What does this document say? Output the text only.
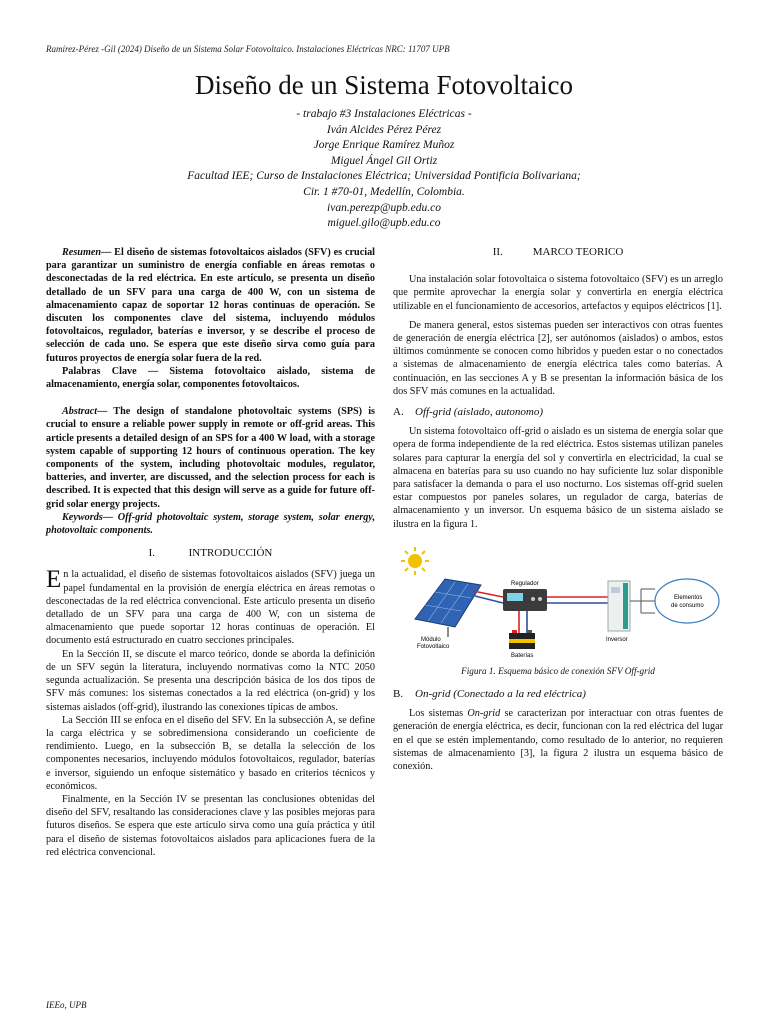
Ramírez-Pérez -Gil (2024) Diseño de un Sistema Solar Fotovoltaico. Instalaciones Eléctricas NRC: 11707 UPB
Diseño de un Sistema Fotovoltaico
- trabajo #3 Instalaciones Eléctricas -
Iván Alcides Pérez Pérez
Jorge Enrique Ramírez Muñoz
Miguel Ángel Gil Ortiz
Facultad IEE; Curso de Instalaciones Eléctrica; Universidad Pontificia Bolivariana;
Cir. 1 #70-01, Medellín, Colombia.
ivan.perezp@upb.edu.co
miguel.gilo@upb.edu.co

Resumen— El diseño de sistemas fotovoltaicos aislados (SFV) es crucial para garantizar un suministro de energía confiable en áreas remotas o desconectadas de la red eléctrica. En este artículo, se presenta un diseño detallado de un SFV para una carga de 400 W, con un sistema de almacenamiento capaz de soportar 12 horas continuas de operación. Se discuten los componentes clave del sistema, incluyendo módulos fotovoltaicos, regulador, baterías e inversor, y se describe el proceso de selección de cada uno. Se espera que este diseño sirva como guía para futuros proyectos de energía solar fuera de la red.

Palabras Clave — Sistema fotovoltaico aislado, sistema de almacenamiento, energía solar, componentes fotovoltaicos.

Abstract— The design of standalone photovoltaic systems (SPS) is crucial to ensure a reliable power supply in remote or off-grid areas. This article presents a detailed design of an SPS for a 400 W load, with a storage system capable of supporting 12 hours of continuous operation. The key components of the system, including photovoltaic modules, regulator, batteries, and inverter, are discussed, and the selection process for each is described. It is expected that this design will serve as a guide for future off-grid solar energy projects.

Keywords— Off-grid photovoltaic system, storage system, solar energy, photovoltaic components.

I.	INTRODUCCIÓN

En la actualidad, el diseño de sistemas fotovoltaicos aislados (SFV) juega un papel fundamental en la provisión de energía eléctrica en áreas remotas o desconectadas de la red eléctrica convencional. Este artículo presenta un diseño detallado de un SFV para una carga de 400 W, con un sistema de almacenamiento que puede soportar 12 horas continuas de operación. El documento está estructurado en cuatro secciones principales.

En la Sección II, se discute el marco teórico, donde se aborda la definición de un SFV según la literatura, incluyendo normativas como la NTC 2050 segunda actualización. Se presenta una descripción básica de los dos tipos de SFV más comunes: los sistemas conectados a la red eléctrica (on-grid) y los sistemas aislados (off-grid), ilustrando las conexiones típicas de ambos.

La Sección III se enfoca en el diseño del SFV. En la subsección A, se define la carga eléctrica y se sobredimensiona considerando un coeficiente de rendimiento. Luego, en la subsección B, se detalla la selección de los componentes necesarios, incluyendo módulos fotovoltaicos, regulador, baterías e inversor, siguiendo un enfoque sistemático y basado en criterios técnicos y económicos.

Finalmente, en la Sección IV se presentan las conclusiones obtenidas del diseño del SFV, resaltando las consideraciones clave y las posibles mejoras para futuros diseños. Se espera que este artículo sirva como una guía práctica y útil para el diseño de sistemas fotovoltaicos aislados para aplicaciones fuera de la red eléctrica convencional.

II.	MARCO TEORICO

Una instalación solar fotovoltaica o sistema fotovoltaico (SFV) es un arreglo que permite aprovechar la energía solar y convertirla en energía eléctrica utilizable en el funcionamiento de accesorios, artefactos y equipos eléctricos [1].

De manera general, estos sistemas pueden ser interactivos con otras fuentes de generación de energía eléctrica [2], ser autónomos (aislados) o ambos, estos últimos comúnmente se conocen como híbridos y pueden estar o no conectados a sistemas de almacenamiento de energía eléctrica tales como baterías. A continuación, en las secciones A y B se presentan la información básica de los dos SFV más comunes en la actualidad.

A. Off-grid (aislado, autonomo)

Un sistema fotovoltaico off-grid o aislado es un sistema de energía solar que opera de forma independiente de la red eléctrica. Estos sistemas utilizan paneles solares para capturar la energía del sol y convertirla en electricidad, la cual se almacena en baterías para su uso cuando no hay suficiente luz solar disponible para satisfacer la demanda o para el uso nocturno. Los sistemas off-grid suelen estar compuestos por paneles solares, un regulador de carga, baterías de almacenamiento y un inversor. Un esquema básico de un sistema aislado se ilustra en la figura 1.

Módulo
Fotovoltaico
Regulador
Baterías
Inversor
Elementos
de consumo
Figura 1. Esquema básico de conexión SFV Off-grid
B. On-grid (Conectado a la red eléctrica)

Los sistemas On-grid se caracterizan por interactuar con otras fuentes de generación de energía eléctrica, es decir, funcionan con la red eléctrica del lugar en el que se estén implementando, como resultado de lo anterior, no requieren sistemas de almacenamiento [3], la figura 2 ilustra un esquema básico de conexión.

IEEo, UPB
